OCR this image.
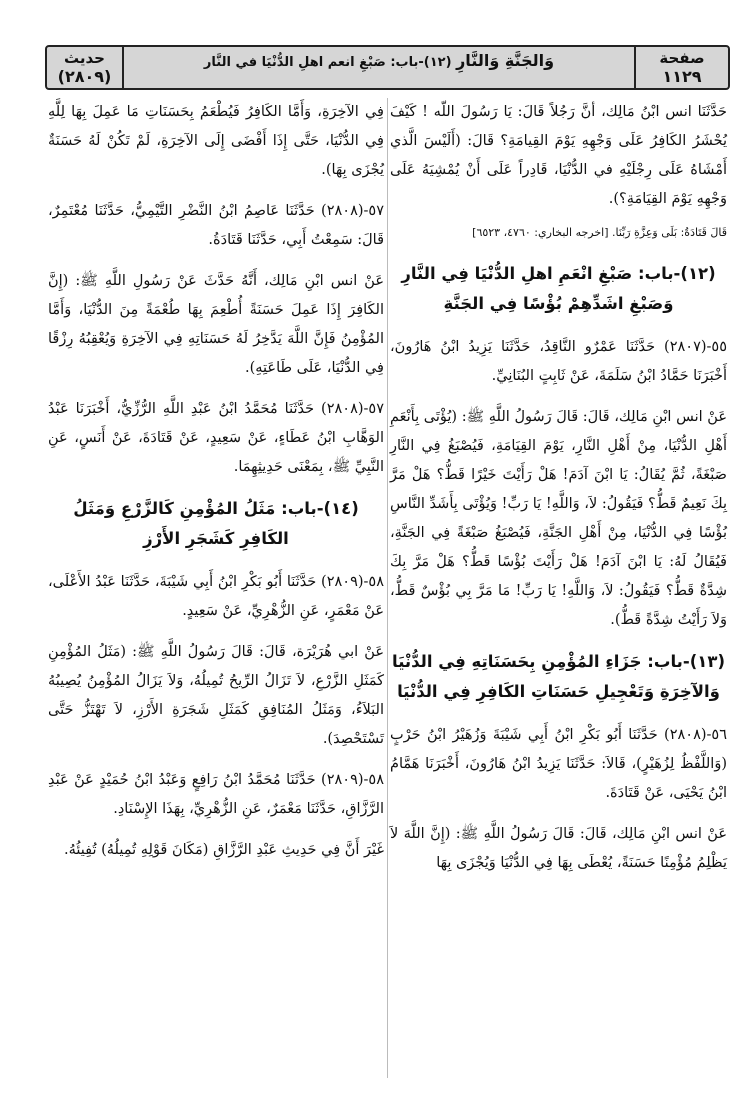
صفحة
١١٢٩
وَالجَنَّةِ وَالنَّارِ (١٢)-باب: صَبْغِ انعم اهلِ الدُّنْيَا في النَّار
حديث
(٢٨٠٩)

حَدَّثَنَا انس ابْنُ مَالِك، أنَّ رَجُلاً قَالَ: يَا رَسُولَ اللّه ! كَيْفَ يُحْشَرُ الكَافِرُ عَلَى وَجْهِهِ يَوْمَ القِيامَةِ؟ قَالَ: (أَلَيْسَ الَّذي أَمْشَاهُ عَلَى رِجْلَيْهِ في الدُّنْيَا، قَادِراً عَلَى أَنْ يُمْشِيَهُ عَلَى وَجْهِهِ يَوْمَ القِيَامَةِ؟).

قَالَ قَتَادَةُ: بَلَى وَعِزَّةِ رَبِّنَا. [اخرجه البخاري: ٤٧٦٠، ٦٥٢٣]

(١٢)-باب: صَبْغِ انْعَمِ اهلِ الدُّنْيَا فِي النَّارِ وَصَبْغِ اشَدِّهِمْ بُؤْسًا فِي الجَنَّةِ

٥٥-(٢٨٠٧) حَدَّثَنَا عَمْرٌو النَّاقِدُ، حَدَّثَنَا يَزِيدُ ابْنُ هَارُونَ، أَخْبَرَنَا حَمَّادُ ابْنُ سَلَمَةَ، عَنْ ثَابِتٍ البُنَانِيِّ.

عَنْ انس ابْنِ مَالِك، قَالَ: قَالَ رَسُولُ اللَّهِ ﷺ: (يُؤْتَى بِأَنْعَمِ أَهْلِ الدُّنْيَا، مِنْ أَهْلِ النَّارِ، يَوْمَ القِيَامَةِ، فَيُصْبَغُ فِي النَّارِ صَبْغَةً، ثُمَّ يُقَالُ: يَا ابْنَ آدَمَ! هَلْ رَأَيْتَ خَيْرًا قَطُّ؟ هَلْ مَرَّ بِكَ نَعِيمٌ قَطُّ؟ فَيَقُولُ: لاَ، وَاللَّهِ! يَا رَبِّ! وَيُؤْتَى بِأَشَدِّ النَّاسِ بُؤْسًا فِي الدُّنْيَا، مِنْ أَهْلِ الجَنَّةِ، فَيُصْبَغُ صَبْغَةً فِي الجَنَّةِ، فَيُقَالُ لَهُ: يَا ابْنَ آدَمَ! هَلْ رَأَيْتَ بُؤْسًا قَطُّ؟ هَلْ مَرَّ بِكَ شِدَّةٌ قَطُّ؟ فَيَقُولُ: لاَ، وَاللَّهِ! يَا رَبِّ! مَا مَرَّ بِي بُؤْسٌ قَطُّ، وَلاَ رَأَيْتُ شِدَّةً قَطُّ).

(١٣)-باب: جَزَاءِ المُؤْمِنِ بِحَسَنَاتِهِ فِي الدُّنْيَا وَالآخِرَةِ وَتَعْجِيلِ حَسَنَاتِ الكَافِرِ فِي الدُّنْيَا

٥٦-(٢٨٠٨) حَدَّثَنَا أَبُو بَكْرِ ابْنُ أَبِي شَيْبَةَ وَزُهَيْرُ ابْنُ حَرْبٍ (وَاللَّفْظُ لِزُهَيْرٍ)، قَالاَ: حَدَّثَنَا يَزِيدُ ابْنُ هَارُونَ، أَخْبَرَنَا هَمَّامُ ابْنُ يَحْيَى، عَنْ قَتَادَةَ.

عَنْ انس ابْنِ مَالِك، قَالَ: قَالَ رَسُولُ اللَّهِ ﷺ: (إِنَّ اللَّهَ لاَ يَظْلِمُ مُؤْمِنًا حَسَنَةً، يُعْطَى بِهَا فِي الدُّنْيَا وَيُجْزَى بِهَا

فِي الآخِرَةِ، وَأَمَّا الكَافِرُ فَيُطْعَمُ بِحَسَنَاتِ مَا عَمِلَ بِهَا لِلَّهِ فِي الدُّنْيَا، حَتَّى إِذَا أَفْضَى إِلَى الآخِرَةِ، لَمْ تَكُنْ لَهُ حَسَنَةٌ يُجْزَى بِهَا).

٥٧-(٢٨٠٨) حَدَّثَنَا عَاصِمُ ابْنُ النَّضْرِ التَّيْمِيُّ، حَدَّثَنَا مُعْتَمِرٌ، قَالَ: سَمِعْتُ أَبِي، حَدَّثَنَا قَتَادَةُ.

عَنْ انس ابْنِ مَالِك، أَنَّهُ حَدَّثَ عَنْ رَسُولِ اللَّهِ ﷺ: (إِنَّ الكَافِرَ إِذَا عَمِلَ حَسَنَةً أُطْعِمَ بِهَا طُعْمَةً مِنَ الدُّنْيَا، وَأَمَّا المُؤْمِنُ فَإِنَّ اللَّهَ يَدَّخِرُ لَهُ حَسَنَاتِهِ فِي الآخِرَةِ وَيُعْقِبُهُ رِزْقًا فِي الدُّنْيَا، عَلَى طَاعَتِهِ).

٥٧-(٢٨٠٨) حَدَّثَنَا مُحَمَّدُ ابْنُ عَبْدِ اللَّهِ الرُّزِّيُّ، أَخْبَرَنَا عَبْدُ الوَهَّابِ ابْنُ عَطَاءٍ، عَنْ سَعِيدٍ، عَنْ قَتَادَةَ، عَنْ أَنَسٍ، عَنِ النَّبِيِّ ﷺ، بِمَعْنَى حَدِيثِهِمَا.

(١٤)-باب: مَثَلُ المُؤْمِنِ كَالزَّرْعِ وَمَثَلُ الكَافِرِ كَشَجَرِ الأَرْزِ

٥٨-(٢٨٠٩) حَدَّثَنَا أَبُو بَكْرِ ابْنُ أَبِي شَيْبَةَ، حَدَّثَنَا عَبْدُ الأَعْلَى، عَنْ مَعْمَرٍ، عَنِ الزُّهْرِيِّ، عَنْ سَعِيدٍ.

عَنْ ابي هُرَيْرَة، قَالَ: قَالَ رَسُولُ اللَّهِ ﷺ: (مَثَلُ المُؤْمِنِ كَمَثَلِ الزَّرْعِ، لاَ تَزَالُ الرِّيحُ تُمِيلُهُ، وَلاَ يَزَالُ المُؤْمِنُ يُصِيبُهُ البَلاَءُ، وَمَثَلُ المُنَافِقِ كَمَثَلِ شَجَرَةِ الأَرْزِ، لاَ تَهْتَزُّ حَتَّى تَسْتَحْصِدَ).

٥٨-(٢٨٠٩) حَدَّثَنَا مُحَمَّدُ ابْنُ رَافِعٍ وَعَبْدُ ابْنُ حُمَيْدٍ عَنْ عَبْدِ الرَّزَّاقِ، حَدَّثَنَا مَعْمَرٌ، عَنِ الزُّهْرِيِّ، بِهَذَا الإِسْنَادِ.

غَيْرَ أَنَّ فِي حَدِيثِ عَبْدِ الرَّزَّاقِ (مَكَانَ قَوْلِهِ تُمِيلُهُ) تُفِيئُهُ.
